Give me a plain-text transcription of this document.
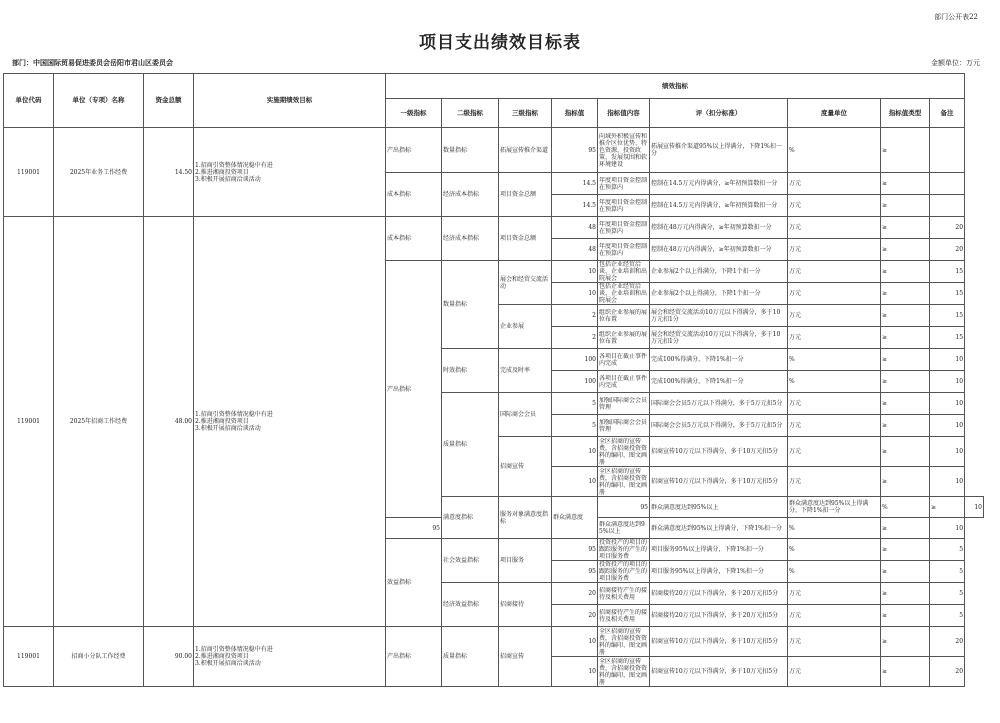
部门公开表22
项目支出绩效目标表
部门：中国国际贸易促进委员会岳阳市君山区委员会	金额单位：万元
单位代码	单位（专项）名称	资金总额	实施期绩效目标	绩效指标									
				一级指标	二级指标	三级指标	指标值	指标值内容	评（扣分标准）	度量单位	指标值类型	备注	
119001	2025年业务工作经费	14.50	1.招商引资整体情况稳中有进
2.推进湘商投资项目
3.积极开展招商洽谈活动	产出指标	数量指标	拓展宣传推介渠道	95	向域外积极宣传和推介区位优势、特色资源、投资政策、发展氛围和软环境建设	拓展宣传推介渠道95%以上得满分，下降1%扣一分	%	≥		
				成本指标	经济成本指标	项目资金总额	14.5	年度项目资金控制在预算内	控制在14.5万元内得满分，≥年初预算数扣一分	万元	≥		
							14.5	年度项目资金控制在预算内	控制在14.5万元内得满分，≥年初预算数扣一分	万元	≥		
119001	2025年招商工作经费	48.00	1.招商引资整体情况稳中有进
2.推进湘商投资项目
3.积极开展招商洽谈活动	成本指标	经济成本指标	项目资金总额	48	年度项目资金控制在预算内	控制在48万元内得满分，≥年初预算数扣一分	万元	≥	20	
							48	年度项目资金控制在预算内	控制在48万元内得满分，≥年初预算数扣一分	万元	≥	20	
				产出指标	数量指标	展会和经贸交流活动	10	包括企业经贸洽谈、企业培训和出院展会	企业参展2个以上得满分，下降1个扣一分	万元	≥	15	
							10	包括企业经贸洽谈、企业培训和出院展会	企业参展2个以上得满分，下降1个扣一分	万元	≥	15	
						企业参展	2	组织企业参展的展位布置	展会和经贸交流活动10万元以下得满分，多于10万元扣1分	万元	≥	15	
							2	组织企业参展的展位布置	展会和经贸交流活动10万元以下得满分，多于10万元扣1分	万元	≥	15	
					时效指标	完成及时率	100	各项目在截止事件内完成	完成100%得满分，下降1%扣一分	%	≥	10	
							100	各项目在截止事件内完成	完成100%得满分，下降1%扣一分	%	≥	10	
					质量指标	国际商会会员	5	加强国际商会会员管理	国际商会会员5万元以下得满分，多于5万元扣5分	万元	≥	10	
							5	加强国际商会会员管理	国际商会会员5万元以下得满分，多于5万元扣5分	万元	≥	10	
						招商宣传	10	全区招商的宣传费，含招商投资资料的编印、图文画册	招商宣传10万元以下得满分，多于10万元扣5分	万元	≥	10	
							10	全区招商的宣传费，含招商投资资料的编印、图文画册	招商宣传10万元以下得满分，多于10万元扣5分	万元	≥	10	
					满意度指标	服务对象满意度指标	群众满意度	95	群众满意度达到95%以上	群众满意度达到95%以上得满分，下降1%扣一分	%	≥	10
				95				群众满意度达到95%以上	群众满意度达到95%以上得满分，下降1%扣一分	%	≥	10	
				效益指标	社会效益指标	项目服务	95	投资投产的项目的跟踪服务的产生的项目服务费	项目服务95%以上得满分，下降1%扣一分	%	≥	5	
							95	投资投产的项目的跟踪服务的产生的项目服务费	项目服务95%以上得满分，下降1%扣一分	%	≥	5	
					经济效益指标	招商接待	20	招商接待产生的接待及相关费用	招商接待20万元以下得满分，多于20万元扣5分	万元	≥	5	
							20	招商接待产生的接待及相关费用	招商接待20万元以下得满分，多于20万元扣5分	万元	≥	5	
119001	招商小分队工作经费	90.00	1.招商引资整体情况稳中有进
2.推进湘商投资项目
3.积极开展招商洽谈活动	产出指标	质量指标	招商宣传	10	全区招商的宣传费，含招商投资资料的编印、图文画册	招商宣传10万元以下得满分，多于10万元扣5分	万元	≥	20	
							10	全区招商的宣传费，含招商投资资料的编印、图文画册	招商宣传10万元以下得满分，多于10万元扣5分	万元	≥	20	
